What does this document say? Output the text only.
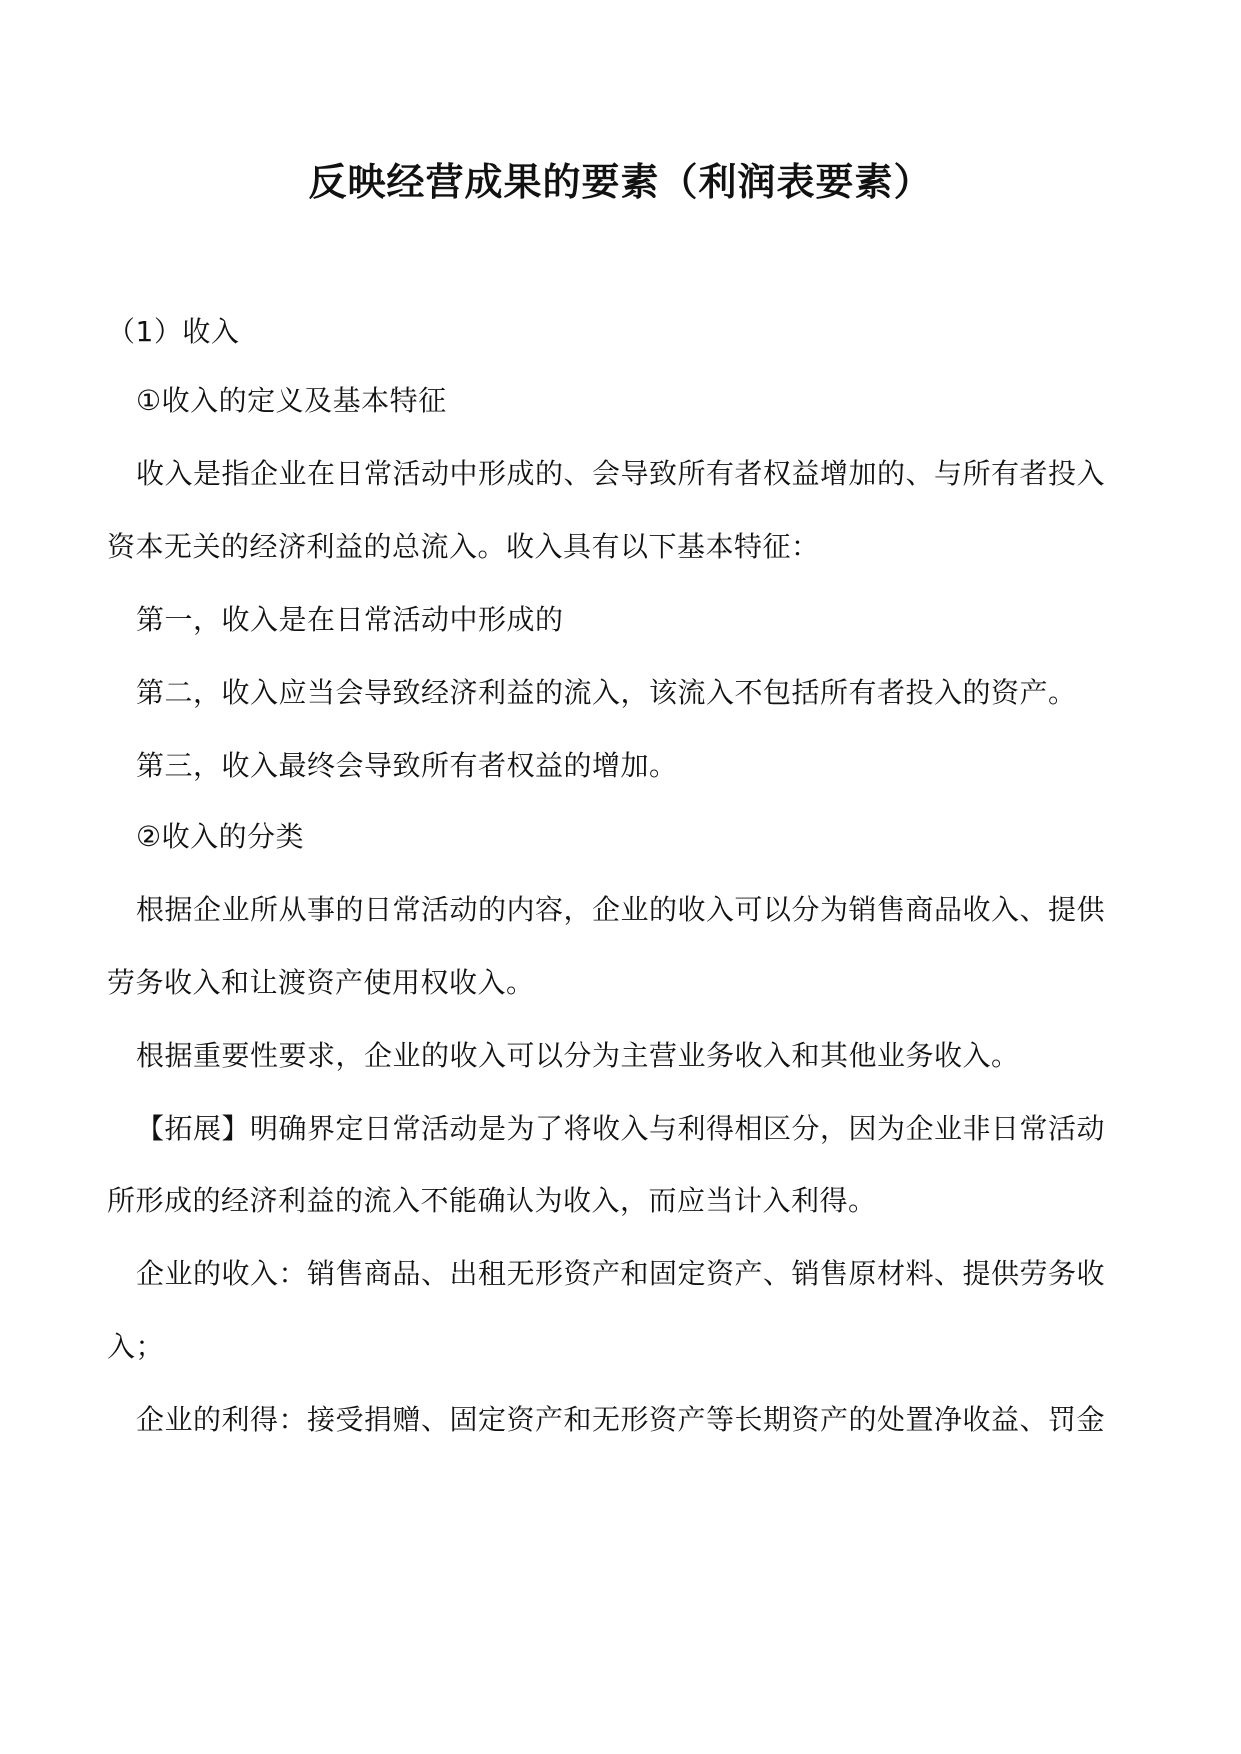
反映经营成果的要素（利润表要素）
（1）收入
①收入的定义及基本特征
收入是指企业在日常活动中形成的、会导致所有者权益增加的、与所有者投入
资本无关的经济利益的总流入。收入具有以下基本特征：
第一，收入是在日常活动中形成的
第二，收入应当会导致经济利益的流入，该流入不包括所有者投入的资产。
第三，收入最终会导致所有者权益的增加。
②收入的分类
根据企业所从事的日常活动的内容，企业的收入可以分为销售商品收入、提供
劳务收入和让渡资产使用权收入。
根据重要性要求，企业的收入可以分为主营业务收入和其他业务收入。
【拓展】明确界定日常活动是为了将收入与利得相区分，因为企业非日常活动
所形成的经济利益的流入不能确认为收入，而应当计入利得。
企业的收入：销售商品、出租无形资产和固定资产、销售原材料、提供劳务收
入；
企业的利得：接受捐赠、固定资产和无形资产等长期资产的处置净收益、罚金
